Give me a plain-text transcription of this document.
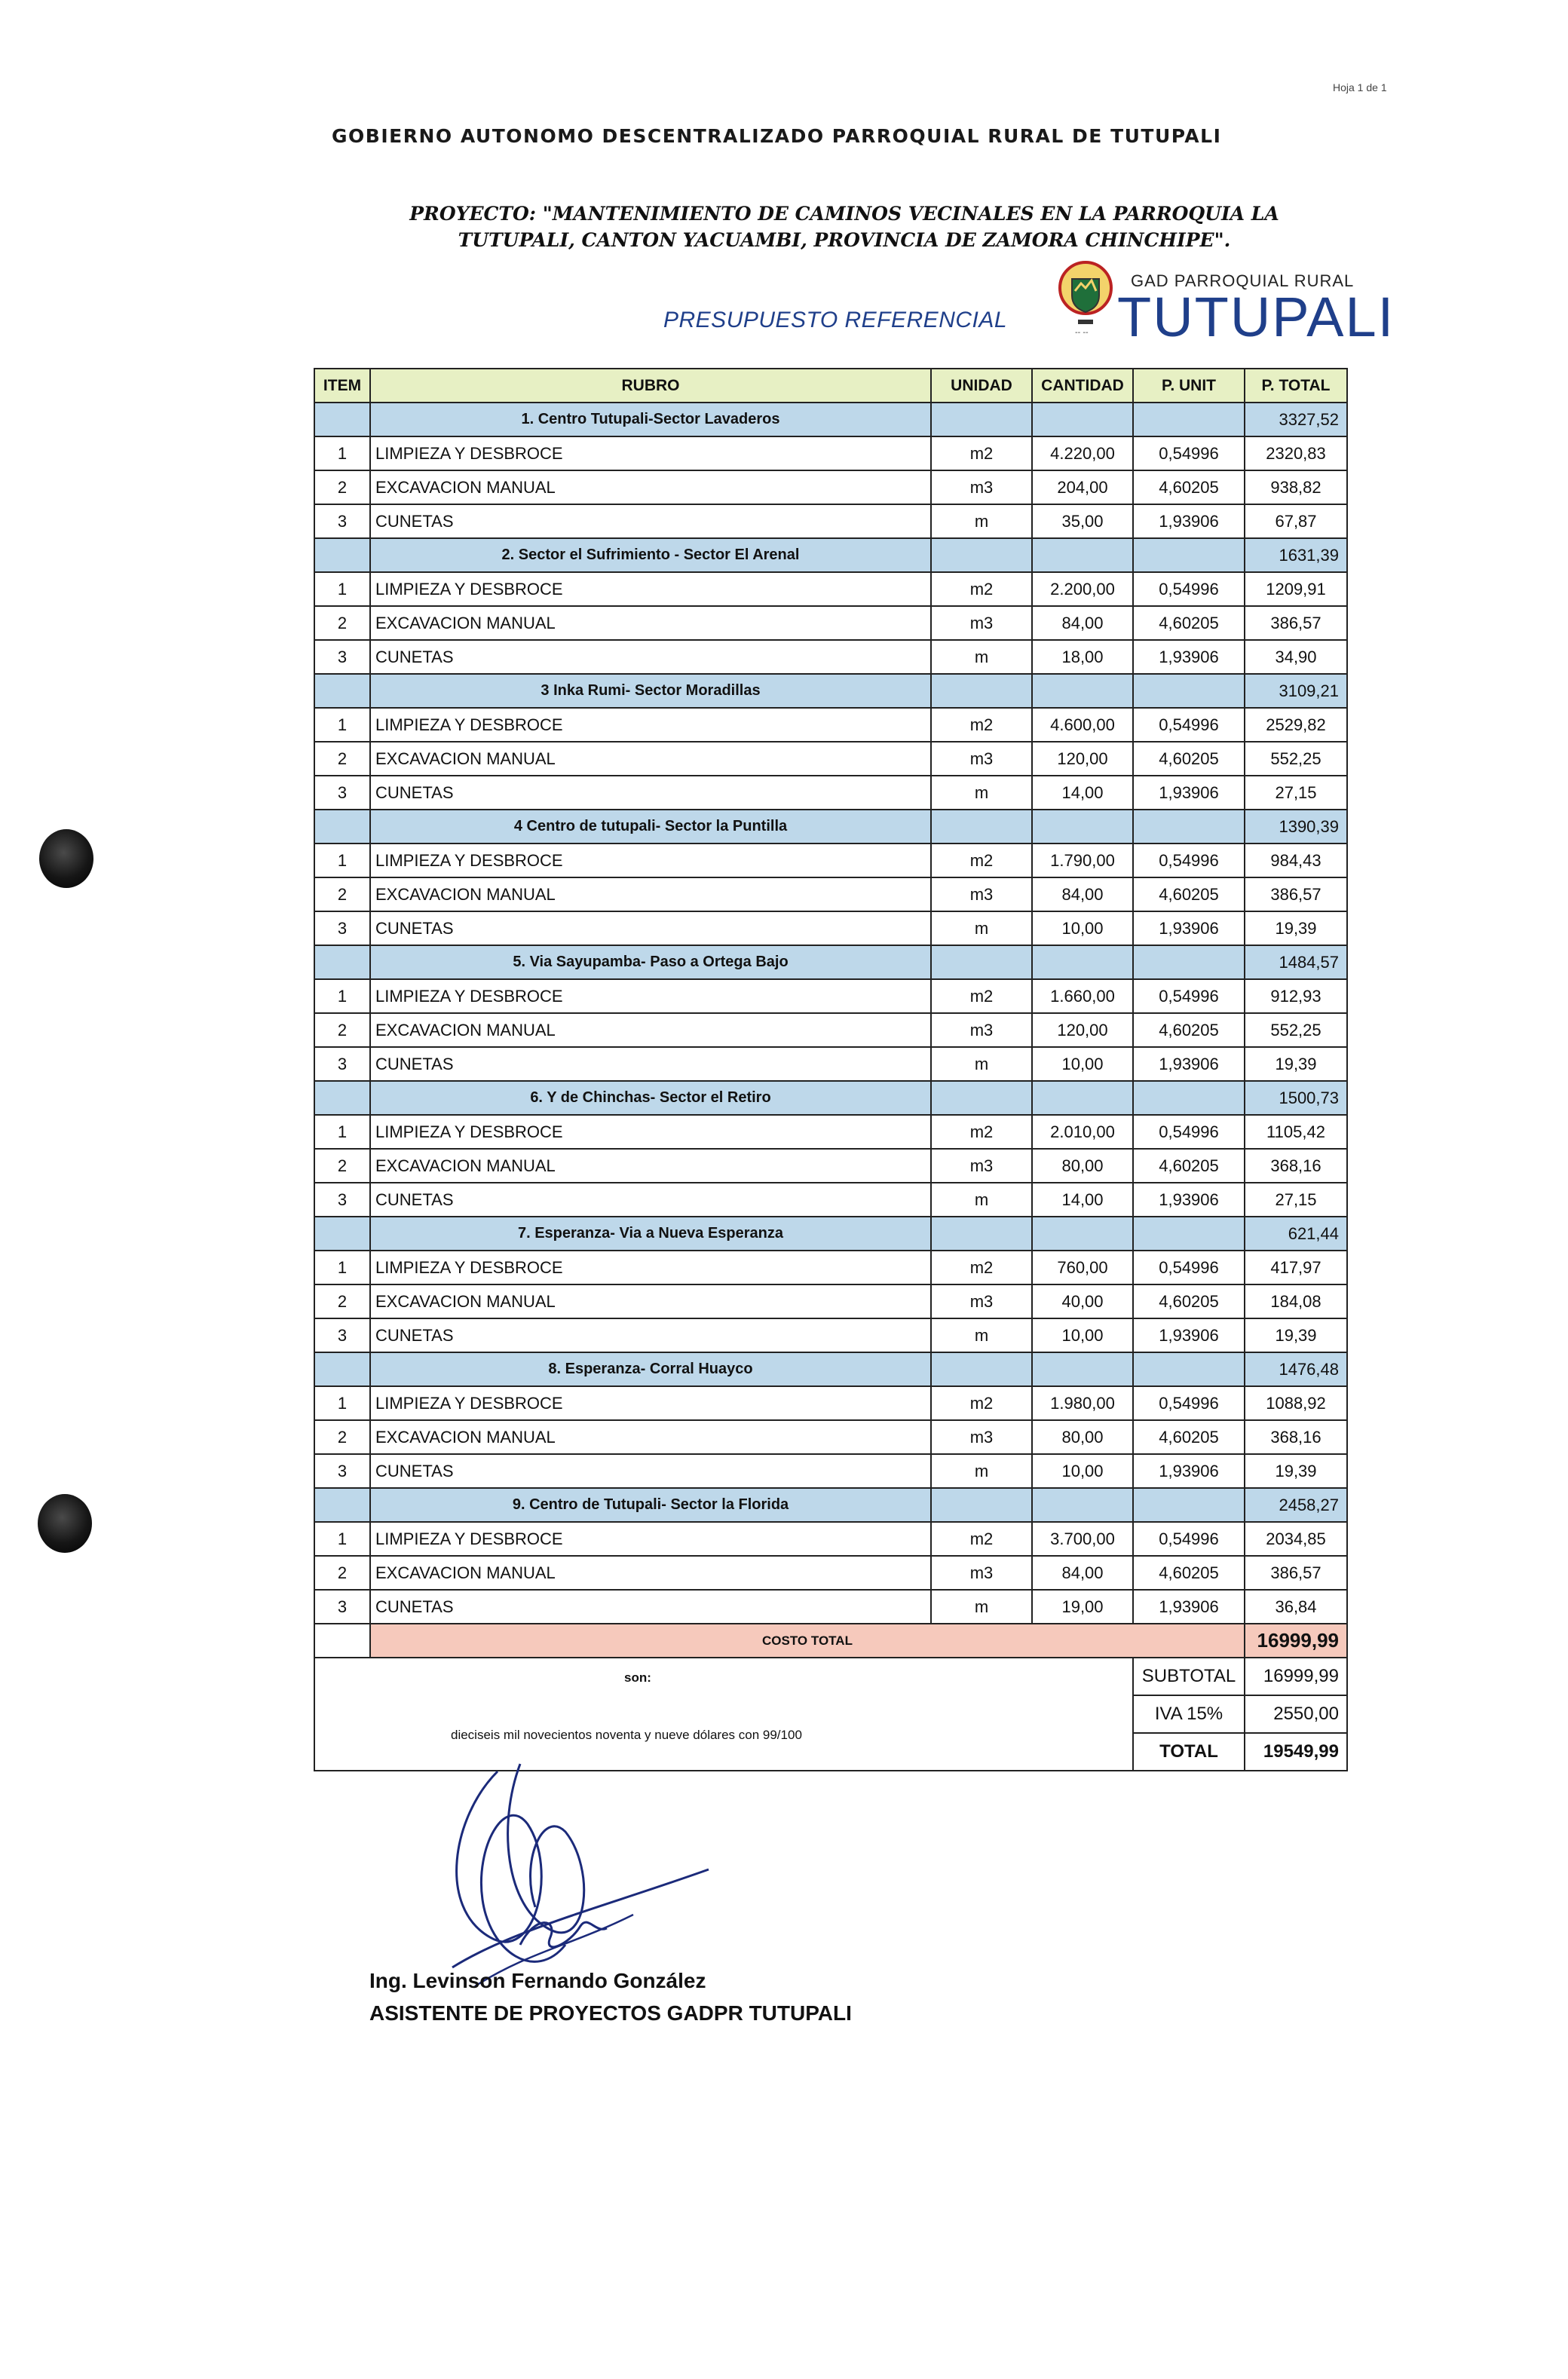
Hoja 1 de 1
GOBIERNO AUTONOMO DESCENTRALIZADO PARROQUIAL RURAL DE TUTUPALI
PROYECTO: "MANTENIMIENTO DE CAMINOS VECINALES EN LA PARROQUIA LA TUTUPALI, CANTON YACUAMBI, PROVINCIA DE ZAMORA CHINCHIPE".
PRESUPUESTO REFERENCIAL
-- --
GAD PARROQUIAL RURAL
TUTUPALI
ITEM	RUBRO	UNIDAD	CANTIDAD	P. UNIT	P. TOTAL
	1. Centro Tutupali-Sector Lavaderos				3327,52
1	LIMPIEZA Y DESBROCE	m2	4.220,00	0,54996	2320,83
2	EXCAVACION MANUAL	m3	204,00	4,60205	938,82
3	CUNETAS	m	35,00	1,93906	67,87
	2. Sector el Sufrimiento - Sector El Arenal				1631,39
1	LIMPIEZA Y DESBROCE	m2	2.200,00	0,54996	1209,91
2	EXCAVACION MANUAL	m3	84,00	4,60205	386,57
3	CUNETAS	m	18,00	1,93906	34,90
	3 Inka Rumi- Sector Moradillas				3109,21
1	LIMPIEZA Y DESBROCE	m2	4.600,00	0,54996	2529,82
2	EXCAVACION MANUAL	m3	120,00	4,60205	552,25
3	CUNETAS	m	14,00	1,93906	27,15
	4 Centro de tutupali- Sector la Puntilla				1390,39
1	LIMPIEZA Y DESBROCE	m2	1.790,00	0,54996	984,43
2	EXCAVACION MANUAL	m3	84,00	4,60205	386,57
3	CUNETAS	m	10,00	1,93906	19,39
	5. Via Sayupamba- Paso a Ortega Bajo				1484,57
1	LIMPIEZA Y DESBROCE	m2	1.660,00	0,54996	912,93
2	EXCAVACION MANUAL	m3	120,00	4,60205	552,25
3	CUNETAS	m	10,00	1,93906	19,39
	6. Y de Chinchas- Sector el Retiro				1500,73
1	LIMPIEZA Y DESBROCE	m2	2.010,00	0,54996	1105,42
2	EXCAVACION MANUAL	m3	80,00	4,60205	368,16
3	CUNETAS	m	14,00	1,93906	27,15
	7. Esperanza- Via a Nueva Esperanza				621,44
1	LIMPIEZA Y DESBROCE	m2	760,00	0,54996	417,97
2	EXCAVACION MANUAL	m3	40,00	4,60205	184,08
3	CUNETAS	m	10,00	1,93906	19,39
	8. Esperanza- Corral Huayco				1476,48
1	LIMPIEZA Y DESBROCE	m2	1.980,00	0,54996	1088,92
2	EXCAVACION MANUAL	m3	80,00	4,60205	368,16
3	CUNETAS	m	10,00	1,93906	19,39
	9. Centro de Tutupali- Sector la Florida				2458,27
1	LIMPIEZA Y DESBROCE	m2	3.700,00	0,54996	2034,85
2	EXCAVACION MANUAL	m3	84,00	4,60205	386,57
3	CUNETAS	m	19,00	1,93906	36,84
	COSTO TOTAL				16999,99

son:
dieciseis mil novecientos noventa y nueve dólares con 99/100				SUBTOTAL	16999,99
				IVA 15%	2550,00
				TOTAL	19549,99
Ing. Levinson Fernando González
ASISTENTE DE PROYECTOS GADPR TUTUPALI
